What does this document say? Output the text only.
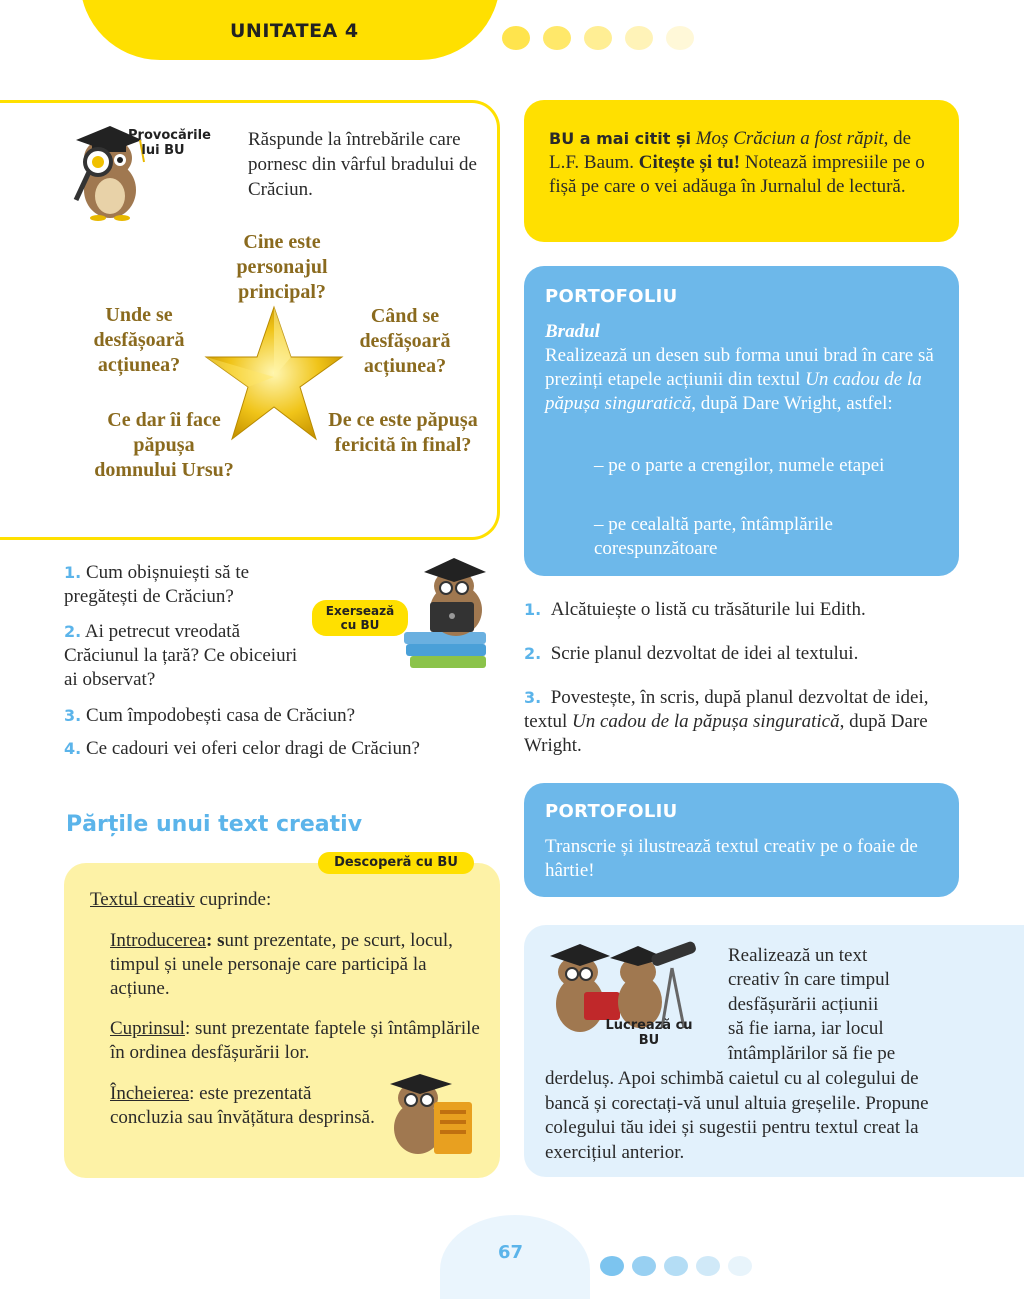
UNITATEA 4
Provocările lui BU
Răspunde la întrebările care pornesc din vârful bradului de Crăciun.
Cine este personajul principal?
Unde se desfășoară acțiunea?
Când se desfășoară acțiunea?
Ce dar îi face păpușa domnului Ursu?
De ce este păpușa fericită în final?
1. Cum obișnuiești să te pregătești de Crăciun?
2. Ai petrecut vreodată Crăciunul la țară? Ce obiceiuri ai observat?
3. Cum împodobești casa de Crăciun?
4. Ce cadouri vei oferi celor dragi de Crăciun?
Exersează cu BU
Părțile unui text creativ
Descoperă cu BU
Textul creativ cuprinde:
Introducerea: sunt prezentate, pe scurt, locul, timpul și unele personaje care participă la acțiune.
Cuprinsul: sunt prezentate faptele și întâmplările în ordinea desfășurării lor.
Încheierea: este prezentată concluzia sau învățătura desprinsă.
BU a mai citit și Moș Crăciun a fost răpit, de L.F. Baum. Citește și tu! Notează impresiile pe o fișă pe care o vei adăuga în Jurnalul de lectură.
PORTOFOLIU
Bradul
Realizează un desen sub forma unui brad în care să prezinți etapele acțiunii din textul Un cadou de la păpușa singuratică, după Dare Wright, astfel:
– pe o parte a crengilor, numele etapei
– pe cealaltă parte, întâmplările corespunzătoare
1. Alcătuiește o listă cu trăsăturile lui Edith.
2. Scrie planul dezvoltat de idei al textului.
3. Povestește, în scris, după planul dezvoltat de idei, textul Un cadou de la păpușa singuratică, după Dare Wright.
PORTOFOLIU
Transcrie și ilustrează textul creativ pe o foaie de hârtie!
Lucrează cu BU
Realizează un text
creativ în care timpul
desfășurării acțiunii
să fie iarna, iar locul
întâmplărilor să fie pe
derdeluș. Apoi schimbă caietul cu al colegului de bancă și corectați-vă unul altuia greșelile. Propune colegului tău idei și sugestii pentru textul creat la exercițiul anterior.
67
